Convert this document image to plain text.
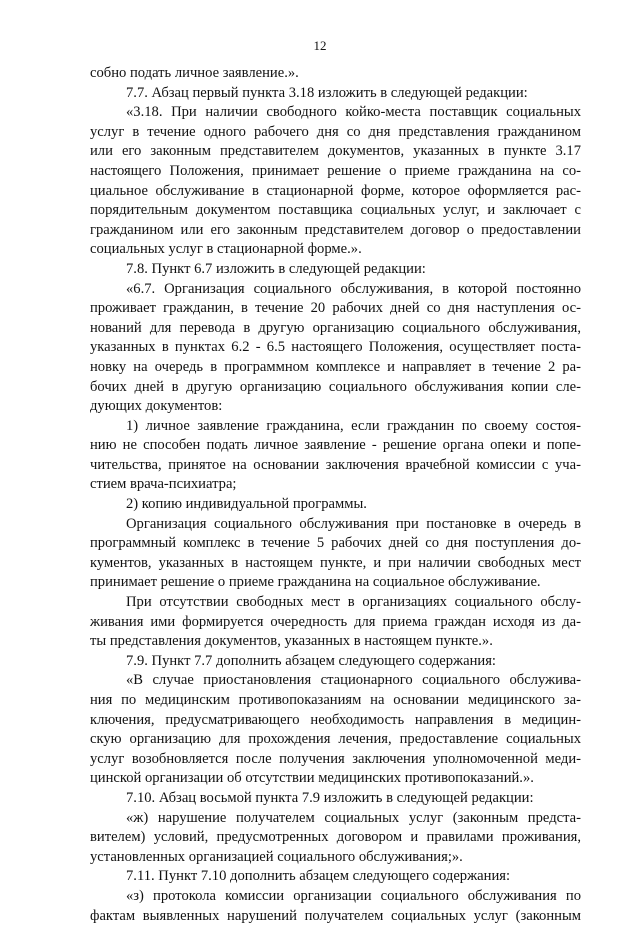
12
собно подать личное заявление.».
7.7. Абзац первый пункта 3.18 изложить в следующей редакции:
«3.18. При наличии свободного койко-места поставщик социальных
услуг в течение одного рабочего дня со дня представления гражданином
или его законным представителем документов, указанных в пункте 3.17
настоящего Положения, принимает решение о приеме гражданина на со-
циальное обслуживание в стационарной форме, которое оформляется рас-
порядительным документом поставщика социальных услуг, и заключает с
гражданином или его законным представителем договор о предоставлении
социальных услуг в стационарной форме.».
7.8. Пункт 6.7 изложить в следующей редакции:
«6.7. Организация социального обслуживания, в которой постоянно
проживает гражданин, в течение 20 рабочих дней со дня наступления ос-
нований для перевода в другую организацию социального обслуживания,
указанных в пунктах 6.2 - 6.5 настоящего Положения, осуществляет поста-
новку на очередь в программном комплексе и направляет в течение 2 ра-
бочих дней в другую организацию социального обслуживания копии сле-
дующих документов:
1) личное заявление гражданина, если гражданин по своему состоя-
нию не способен подать личное заявление - решение органа опеки и попе-
чительства, принятое на основании заключения врачебной комиссии с уча-
стием врача-психиатра;
2) копию индивидуальной программы.
Организация социального обслуживания при постановке в очередь в
программный комплекс в течение 5 рабочих дней со дня поступления до-
кументов, указанных в настоящем пункте, и при наличии свободных мест
принимает решение о приеме гражданина на социальное обслуживание.
При отсутствии свободных мест в организациях социального обслу-
живания ими формируется очередность для приема граждан исходя из да-
ты представления документов, указанных в настоящем пункте.».
7.9. Пункт 7.7 дополнить абзацем следующего содержания:
«В случае приостановления стационарного социального обслужива-
ния по медицинским противопоказаниям на основании медицинского за-
ключения, предусматривающего необходимость направления в медицин-
скую организацию для прохождения лечения, предоставление социальных
услуг возобновляется после получения заключения уполномоченной меди-
цинской организации об отсутствии медицинских противопоказаний.».
7.10. Абзац восьмой пункта 7.9 изложить в следующей редакции:
«ж) нарушение получателем социальных услуг (законным предста-
вителем) условий, предусмотренных договором и правилами проживания,
установленных организацией социального обслуживания;».
7.11. Пункт 7.10 дополнить абзацем следующего содержания:
«з) протокола комиссии организации социального обслуживания по
фактам выявленных нарушений получателем социальных услуг (законным
